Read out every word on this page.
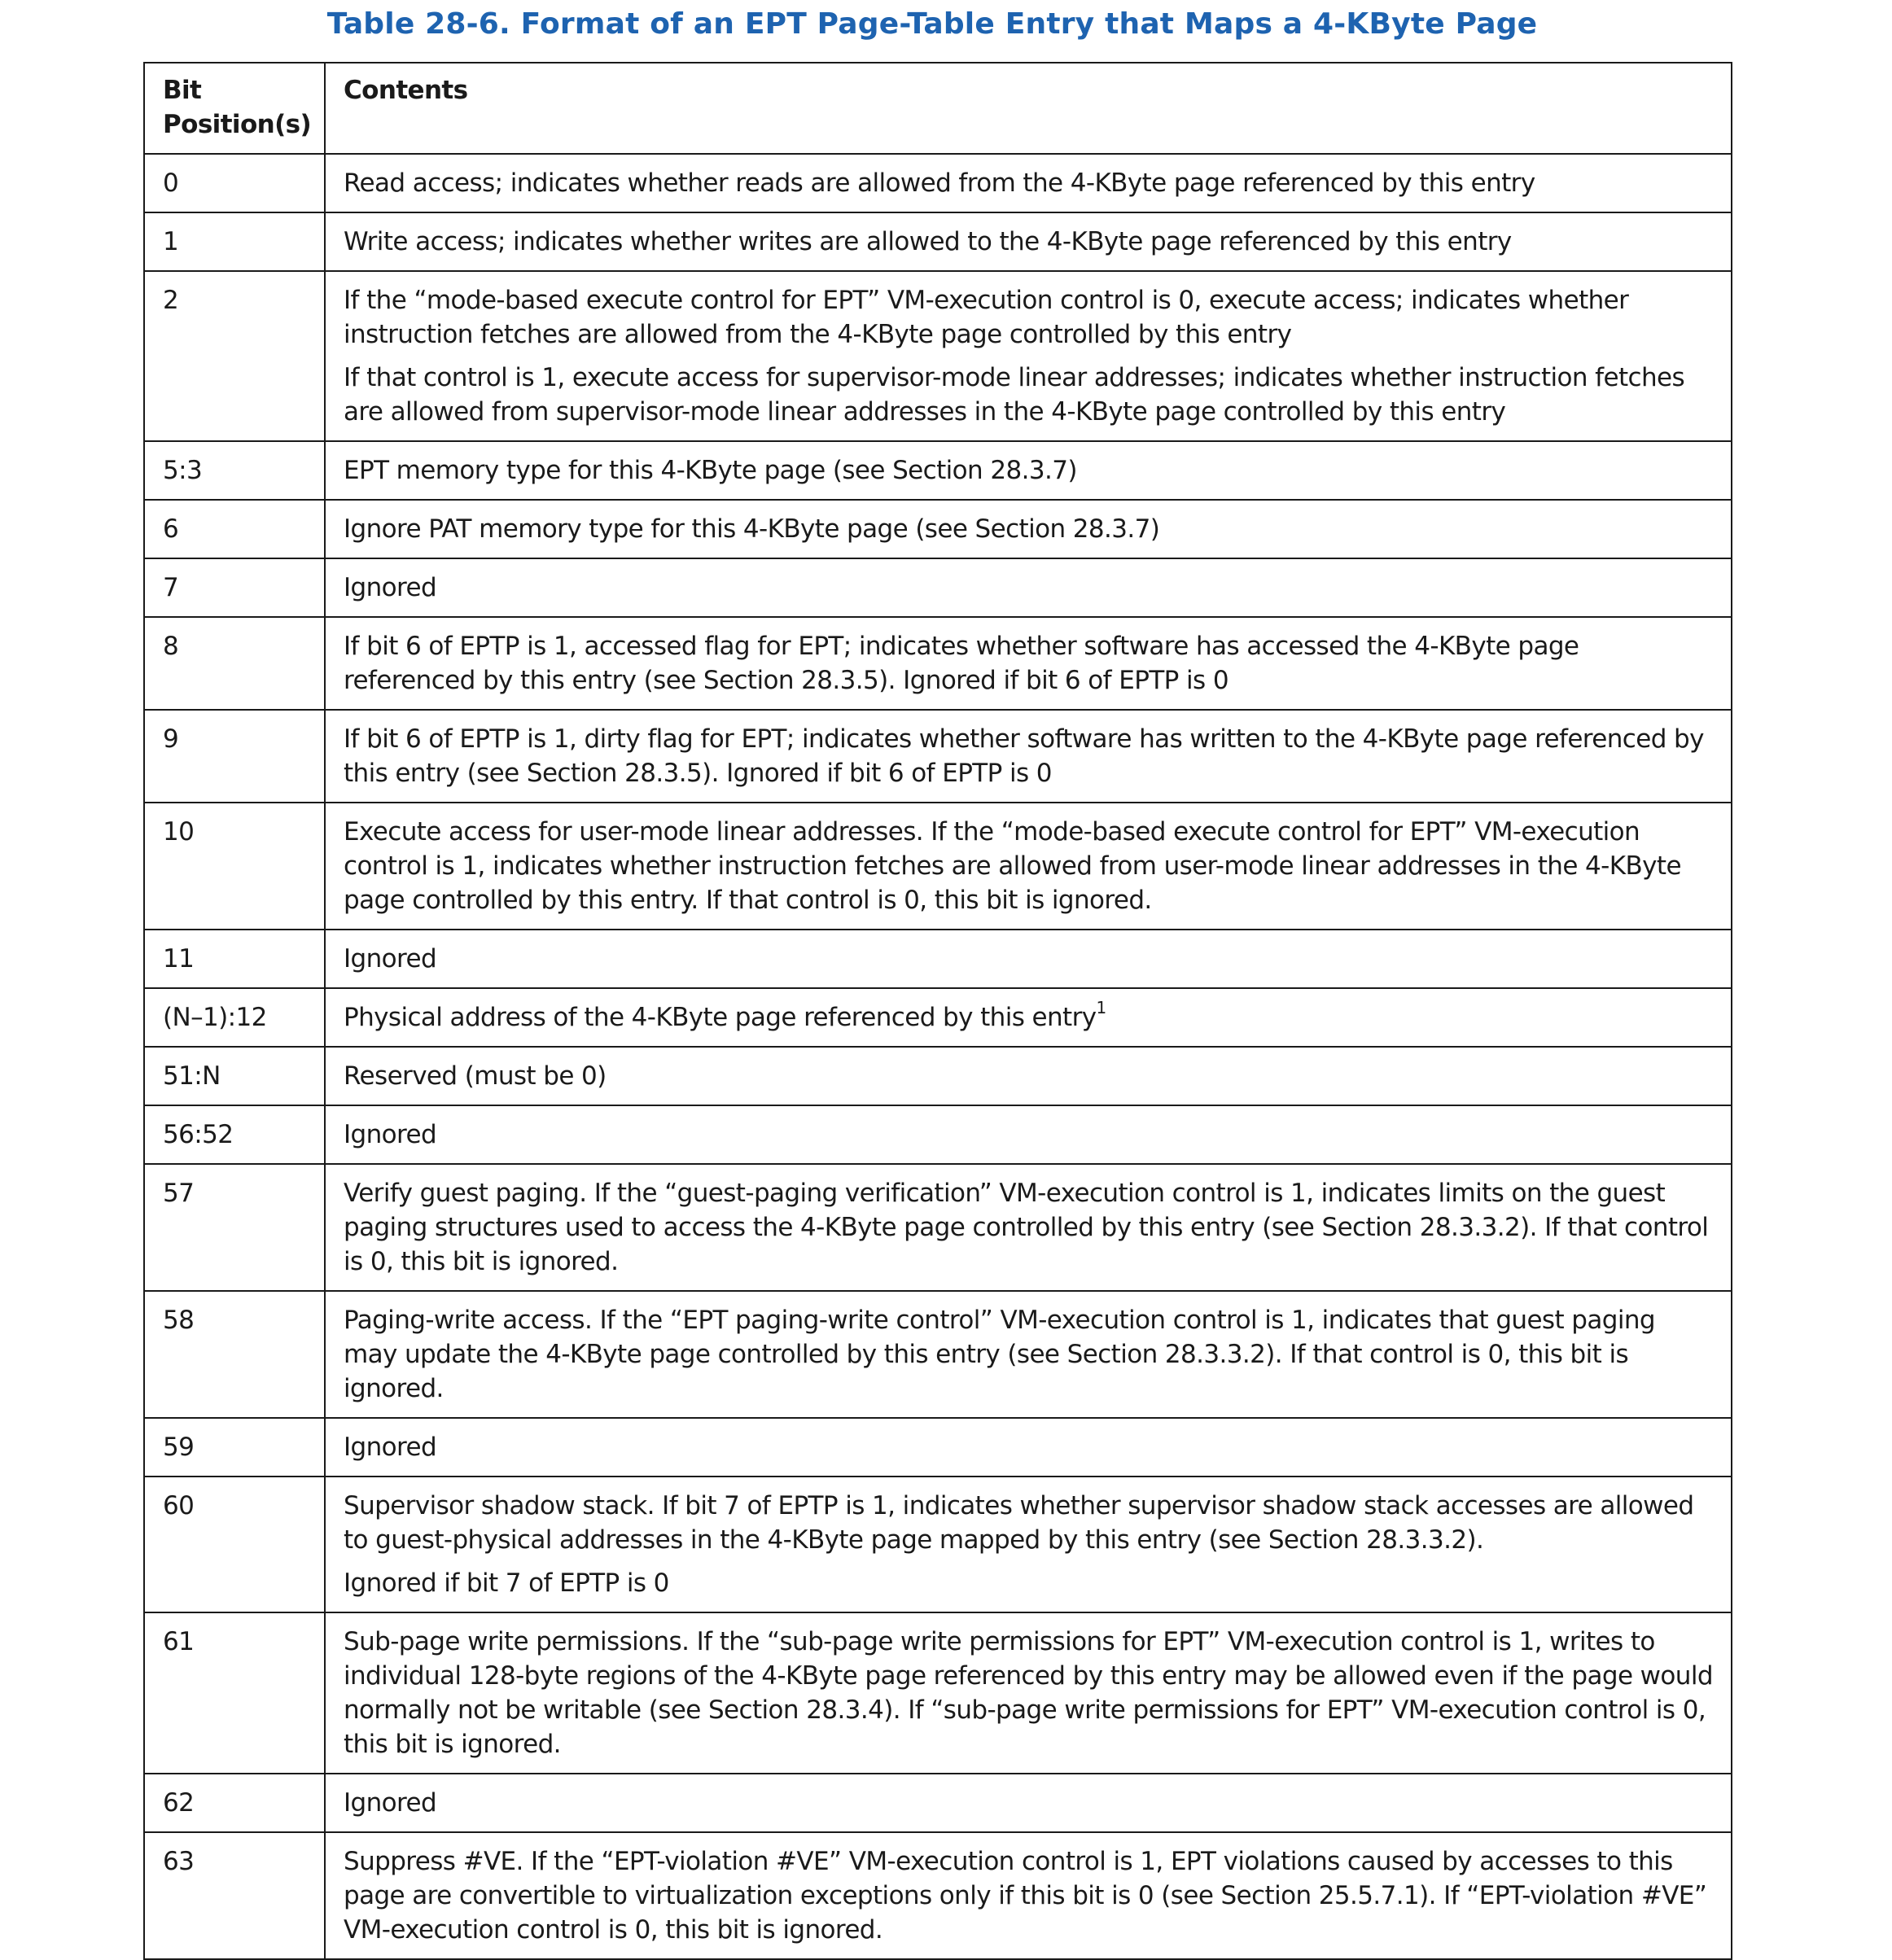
Table 28-6. Format of an EPT Page-Table Entry that Maps a 4-KByte Page
Bit Position(s)	Contents
0	Read access; indicates whether reads are allowed from the 4-KByte page referenced by this entry

1	Write access; indicates whether writes are allowed to the 4-KByte page referenced by this entry

2	If the “mode-based execute control for EPT” VM-execution control is 0, execute access; indicates whether instruction fetches are allowed from the 4-KByte page controlled by this entry
If that control is 1, execute access for supervisor-mode linear addresses; indicates whether instruction fetches are allowed from supervisor-mode linear addresses in the 4-KByte page controlled by this entry

5:3	EPT memory type for this 4-KByte page (see Section 28.3.7)

6	Ignore PAT memory type for this 4-KByte page (see Section 28.3.7)

7	Ignored

8	If bit 6 of EPTP is 1, accessed flag for EPT; indicates whether software has accessed the 4-KByte page referenced by this entry (see Section 28.3.5). Ignored if bit 6 of EPTP is 0

9	If bit 6 of EPTP is 1, dirty flag for EPT; indicates whether software has written to the 4-KByte page referenced by this entry (see Section 28.3.5). Ignored if bit 6 of EPTP is 0

10	Execute access for user-mode linear addresses. If the “mode-based execute control for EPT” VM-execution control is 1, indicates whether instruction fetches are allowed from user-mode linear addresses in the 4-KByte page controlled by this entry. If that control is 0, this bit is ignored.

11	Ignored

(N–1):12	Physical address of the 4-KByte page referenced by this entry$^1$

51:N	Reserved (must be 0)

56:52	Ignored

57	Verify guest paging. If the “guest-paging verification” VM-execution control is 1, indicates limits on the guest paging structures used to access the 4-KByte page controlled by this entry (see Section 28.3.3.2). If that control is 0, this bit is ignored.

58	Paging-write access. If the “EPT paging-write control” VM-execution control is 1, indicates that guest paging may update the 4-KByte page controlled by this entry (see Section 28.3.3.2). If that control is 0, this bit is ignored.

59	Ignored

60	Supervisor shadow stack. If bit 7 of EPTP is 1, indicates whether supervisor shadow stack accesses are allowed to guest-physical addresses in the 4-KByte page mapped by this entry (see Section 28.3.3.2).
Ignored if bit 7 of EPTP is 0

61	Sub-page write permissions. If the “sub-page write permissions for EPT” VM-execution control is 1, writes to individual 128-byte regions of the 4-KByte page referenced by this entry may be allowed even if the page would normally not be writable (see Section 28.3.4). If “sub-page write permissions for EPT” VM-execution control is 0, this bit is ignored.

62	Ignored

63	Suppress #VE. If the “EPT-violation #VE” VM-execution control is 1, EPT violations caused by accesses to this page are convertible to virtualization exceptions only if this bit is 0 (see Section 25.5.7.1). If “EPT-violation #VE” VM-execution control is 0, this bit is ignored.
